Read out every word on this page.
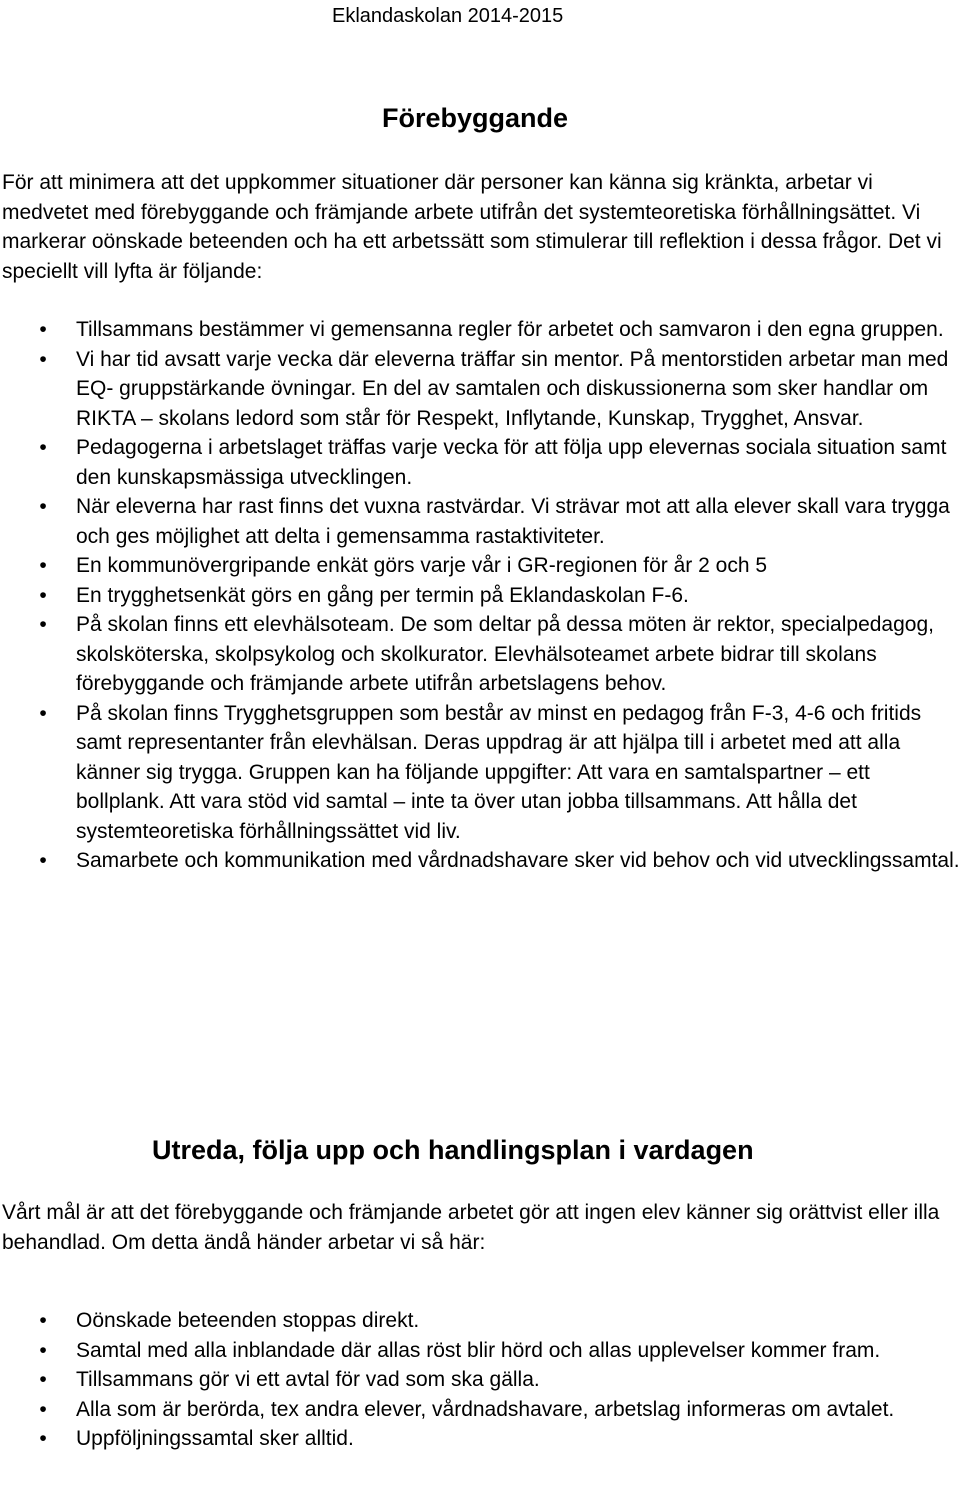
Eklandaskolan 2014-2015
Förebyggande

För att minimera att det uppkommer situationer där personer kan känna sig kränkta, arbetar vi medvetet med förebyggande och främjande arbete utifrån det systemteoretiska förhållningsättet. Vi markerar oönskade beteenden och ha ett arbetssätt som stimulerar till reflektion i dessa frågor. Det vi speciellt vill lyfta är följande:

• Tillsammans bestämmer vi gemensanna regler för arbetet och samvaron i den egna gruppen.
• Vi har tid avsatt varje vecka där eleverna träffar sin mentor. På mentorstiden arbetar man med EQ- gruppstärkande övningar. En del av samtalen och diskussionerna som sker handlar om RIKTA – skolans ledord som står för Respekt, Inflytande, Kunskap, Trygghet, Ansvar.
• Pedagogerna i arbetslaget träffas varje vecka för att följa upp elevernas sociala situation samt den kunskapsmässiga utvecklingen.
• När eleverna har rast finns det vuxna rastvärdar. Vi strävar mot att alla elever skall vara trygga och ges möjlighet att delta i gemensamma rastaktiviteter.
• En kommunövergripande enkät görs varje vår i GR-regionen för år 2 och 5
• En trygghetsenkät görs en gång per termin på Eklandaskolan F-6.
• På skolan finns ett elevhälsoteam. De som deltar på dessa möten är rektor, specialpedagog, skolsköterska, skolpsykolog och skolkurator. Elevhälsoteamet arbete bidrar till skolans förebyggande och främjande arbete utifrån arbetslagens behov.
• På skolan finns Trygghetsgruppen som består av minst en pedagog från F-3, 4-6 och fritids samt representanter från elevhälsan. Deras uppdrag är att hjälpa till i arbetet med att alla känner sig trygga. Gruppen kan ha följande uppgifter: Att vara en samtalspartner – ett bollplank. Att vara stöd vid samtal – inte ta över utan jobba tillsammans. Att hålla det systemteoretiska förhållningssättet vid liv.
• Samarbete och kommunikation med vårdnadshavare sker vid behov och vid utvecklingssamtal.
Utreda, följa upp och handlingsplan i vardagen

Vårt mål är att det förebyggande och främjande arbetet gör att ingen elev känner sig orättvist eller illa behandlad. Om detta ändå händer arbetar vi så här:

• Oönskade beteenden stoppas direkt.
• Samtal med alla inblandade där allas röst blir hörd och allas upplevelser kommer fram.
• Tillsammans gör vi ett avtal för vad som ska gälla.
• Alla som är berörda, tex andra elever, vårdnadshavare, arbetslag informeras om avtalet.
• Uppföljningssamtal sker alltid.
